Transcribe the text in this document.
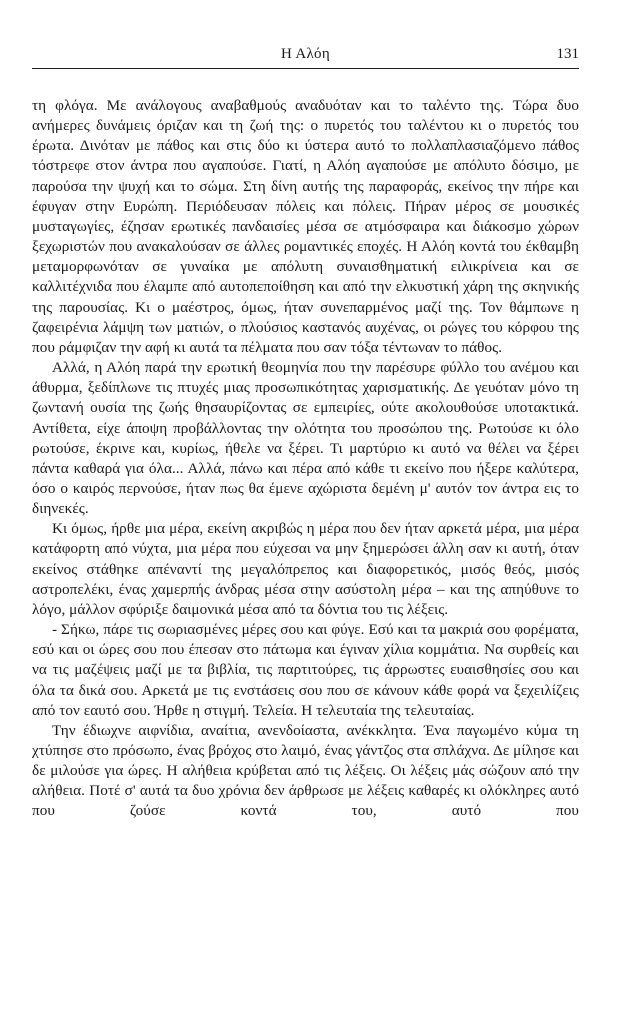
Η Αλόη	131

τη φλόγα. Με ανάλογους αναβαθμούς αναδυόταν και το ταλέντο της. Τώρα δυο ανήμερες δυνάμεις όριζαν και τη ζωή της: ο πυρετός του ταλέντου κι ο πυρετός του έρωτα. Δινόταν με πάθος και στις δύο κι ύστερα αυτό το πολλαπλασιαζόμενο πάθος τόστρεφε στον άντρα που αγαπούσε. Γιατί, η Αλόη αγαπούσε με απόλυτο δόσιμο, με παρούσα την ψυχή και το σώμα. Στη δίνη αυτής της παραφοράς, εκείνος την πήρε και έφυγαν στην Ευρώπη. Περιόδευσαν πόλεις και πόλεις. Πήραν μέρος σε μουσικές μυσταγωγίες, έζησαν ερωτικές πανδαισίες μέσα σε ατμόσφαιρα και διάκοσμο χώρων ξεχωριστών που ανακαλούσαν σε άλλες ρομαντικές εποχές. Η Αλόη κοντά του έκθαμβη μεταμορφωνόταν σε γυναίκα με απόλυτη συναισθηματική ειλικρίνεια και σε καλλιτέχνιδα που έλαμπε από αυτοπεποίθηση και από την ελκυστική χάρη της σκηνικής της παρουσίας. Κι ο μαέστρος, όμως, ήταν συνεπαρμένος μαζί της. Τον θάμπωνε η ζαφειρένια λάμψη των ματιών, ο πλούσιος καστανός αυχένας, οι ρώγες του κόρφου της που ράμφιζαν την αφή κι αυτά τα πέλματα που σαν τόξα τέντωναν το πάθος.

Αλλά, η Αλόη παρά την ερωτική θεομηνία που την παρέσυρε φύλλο του ανέμου και άθυρμα, ξεδίπλωνε τις πτυχές μιας προσωπικότητας χαρισματικής. Δε γευόταν μόνο τη ζωντανή ουσία της ζωής θησαυρίζοντας σε εμπειρίες, ούτε ακολουθούσε υποτακτικά. Αντίθετα, είχε άποψη προβάλλοντας την ολότητα του προσώπου της. Ρωτούσε κι όλο ρωτούσε, έκρινε και, κυρίως, ήθελε να ξέρει. Τι μαρτύριο κι αυτό να θέλει να ξέρει πάντα καθαρά για όλα... Αλλά, πάνω και πέρα από κάθε τι εκείνο που ήξερε καλύτερα, όσο ο καιρός περνούσε, ήταν πως θα έμενε αχώριστα δεμένη μ' αυτόν τον άντρα εις το διηνεκές.

Κι όμως, ήρθε μια μέρα, εκείνη ακριβώς η μέρα που δεν ήταν αρκετά μέρα, μια μέρα κατάφορτη από νύχτα, μια μέρα που εύχεσαι να μην ξημερώσει άλλη σαν κι αυτή, όταν εκείνος στάθηκε απέναντί της μεγαλόπρεπος και διαφορετικός, μισός θεός, μισός αστροπελέκι, ένας χαμερπής άνδρας μέσα στην ασύστολη μέρα – και της απηύθυνε το λόγο, μάλλον σφύριξε δαιμονικά μέσα από τα δόντια του τις λέξεις.

- Σήκω, πάρε τις σωριασμένες μέρες σου και φύγε. Εσύ και τα μακριά σου φορέματα, εσύ και οι ώρες σου που έπεσαν στο πάτωμα και έγιναν χίλια κομμάτια. Να συρθείς και να τις μαζέψεις μαζί με τα βιβλία, τις παρτιτούρες, τις άρρωστες ευαισθησίες σου και όλα τα δικά σου. Αρκετά με τις ενστάσεις σου που σε κάνουν κάθε φορά να ξεχειλίζεις από τον εαυτό σου. Ήρθε η στιγμή. Τελεία. Η τελευταία της τελευταίας.

Την έδιωχνε αιφνίδια, αναίτια, ανενδοίαστα, ανέκκλητα. Ένα παγωμένο κύμα τη χτύπησε στο πρόσωπο, ένας βρόχος στο λαιμό, ένας γάντζος στα σπλάχνα. Δε μίλησε και δε μιλούσε για ώρες. Η αλήθεια κρύβεται από τις λέξεις. Οι λέξεις μάς σώζουν από την αλήθεια. Ποτέ σ' αυτά τα δυο χρόνια δεν άρθρωσε με λέξεις καθαρές κι ολόκληρες αυτό που ζούσε κοντά του, αυτό που
